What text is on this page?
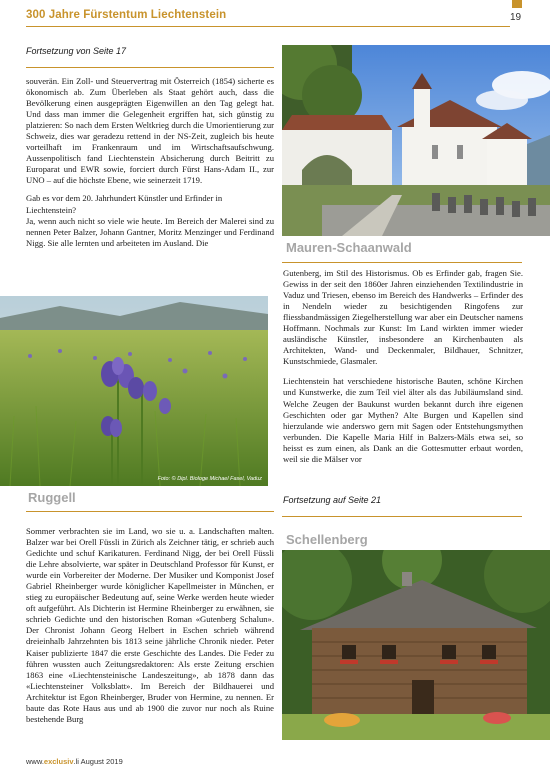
300 Jahre Fürstentum Liechtenstein	19
Fortsetzung von Seite 17

souverän. Ein Zoll- und Steuervertrag mit Österreich (1854) sicherte es ökonomisch ab. Zum Überleben als Staat gehört auch, dass die Bevölkerung einen ausgeprägten Eigenwillen an den Tag gelegt hat. Und dass man immer die Gelegenheit ergriffen hat, sich günstig zu platzieren: So nach dem Ersten Weltkrieg durch die Umorientierung zur Schweiz, dies war geradezu rettend in der NS-Zeit, zugleich bis heute vorteilhaft im Frankenraum und im Wirtschaftsaufschwung. Aussenpolitisch fand Liechtenstein Absicherung durch Beitritt zu Europarat und EWR sowie, forciert durch Fürst Hans-Adam II., zur UNO – auf die höchste Ebene, wie seinerzeit 1719.

Gab es vor dem 20. Jahrhundert Künstler und Erfinder in Liechtenstein?

Ja, wenn auch nicht so viele wie heute. Im Bereich der Malerei sind zu nennen Peter Balzer, Johann Gantner, Moritz Menzinger und Ferdinand Nigg. Sie alle lernten und arbeiteten im Ausland. Die	Mauren-Schaanwald

Gutenberg, im Stil des Historismus. Ob es Erfinder gab, fragen Sie. Gewiss in der seit den 1860er Jahren einziehenden Textilindustrie in Vaduz und Triesen, ebenso im Bereich des Handwerks – Erfinder des in Nendeln wieder zu besichtigenden Ringofens zur fliessbandmässigen Ziegelherstellung war aber ein Deutscher namens Hoffmann. Nochmals zur Kunst: Im Land wirkten immer wieder ausländische Künstler, insbesondere an Kirchenbauten als Architekten, Wand- und Deckenmaler, Bildhauer, Schnitzer, Kunstschmiede, Glasmaler.

Liechtenstein hat verschiedene historische Bauten, schöne Kirchen und Kunstwerke, die zum Teil viel älter als das Jubiläumsland sind. Welche Zeugen der Baukunst wurden bekannt durch ihre eigenen Geschichten oder gar Mythen? Alte Burgen und Kapellen sind hierzulande wie anderswo gern mit Sagen oder Entstehungsmythen verbunden. Die Kapelle Maria Hilf in Balzers-Mäls etwa sei, so heisst es zum einen, als Dank an die Gottesmutter erbaut worden, weil sie die Mälser vor

Fortsetzung auf Seite 21
Foto: © Dipl. Biologe Michael Fasel, Vaduz
Ruggell

Sommer verbrachten sie im Land, wo sie u. a. Landschaften malten. Balzer war bei Orell Füssli in Zürich als Zeichner tätig, er schrieb auch Gedichte und schuf Karikaturen. Ferdinand Nigg, der bei Orell Füssli die Lehre absolvierte, war später in Deutschland Professor für Kunst, er wurde ein Vorbereiter der Moderne. Der Musiker und Komponist Josef Gabriel Rheinberger wurde königlicher Kapellmeister in München, er stieg zu europäischer Bedeutung auf, seine Werke werden heute wieder oft aufgeführt. Als Dichterin ist Hermine Rheinberger zu erwähnen, sie schrieb Gedichte und den historischen Roman «Gutenberg Schalun». Der Chronist Johann Georg Helbert in Eschen schrieb während dreieinhalb Jahrzehnten bis 1813 seine jährliche Chronik nieder. Peter Kaiser publizierte 1847 die erste Geschichte des Landes. Die Feder zu führen wussten auch Zeitungsredaktoren: Als erste Zeitung erschien 1863 eine «Liechtensteinische Landeszeitung», ab 1878 dann das «Liechtensteiner Volksblatt». Im Bereich der Bildhauerei und Architektur ist Egon Rheinberger, Bruder von Hermine, zu nennen. Er baute das Rote Haus aus und ab 1900 die zuvor nur noch als Ruine bestehende Burg

Schellenberg
www.exclusiv.li August 2019
